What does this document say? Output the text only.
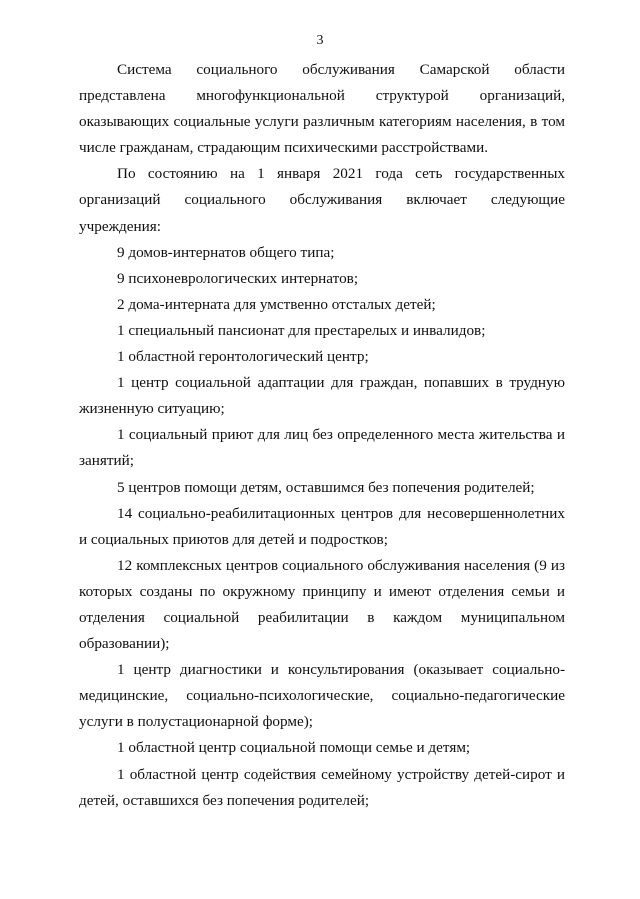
3

Система социального обслуживания Самарской области представлена многофункциональной структурой организаций, оказывающих социальные услуги различным категориям населения, в том числе гражданам, страдающим психическими расстройствами.

По состоянию на 1 января 2021 года сеть государственных организаций социального обслуживания включает следующие учреждения:

9 домов-интернатов общего типа;

9 психоневрологических интернатов;

2 дома-интерната для умственно отсталых детей;

1 специальный пансионат для престарелых и инвалидов;

1 областной геронтологический центр;

1 центр социальной адаптации для граждан, попавших в трудную жизненную ситуацию;

1 социальный приют для лиц без определенного места жительства и занятий;

5 центров помощи детям, оставшимся без попечения родителей;

14 социально-реабилитационных центров для несовершеннолетних и социальных приютов для детей и подростков;

12 комплексных центров социального обслуживания населения (9 из которых созданы по окружному принципу и имеют отделения семьи и отделения социальной реабилитации в каждом муниципальном образовании);

1 центр диагностики и консультирования (оказывает социально-медицинские, социально-психологические, социально-педагогические услуги в полустационарной форме);

1 областной центр социальной помощи семье и детям;

1 областной центр содействия семейному устройству детей-сирот и детей, оставшихся без попечения родителей;
